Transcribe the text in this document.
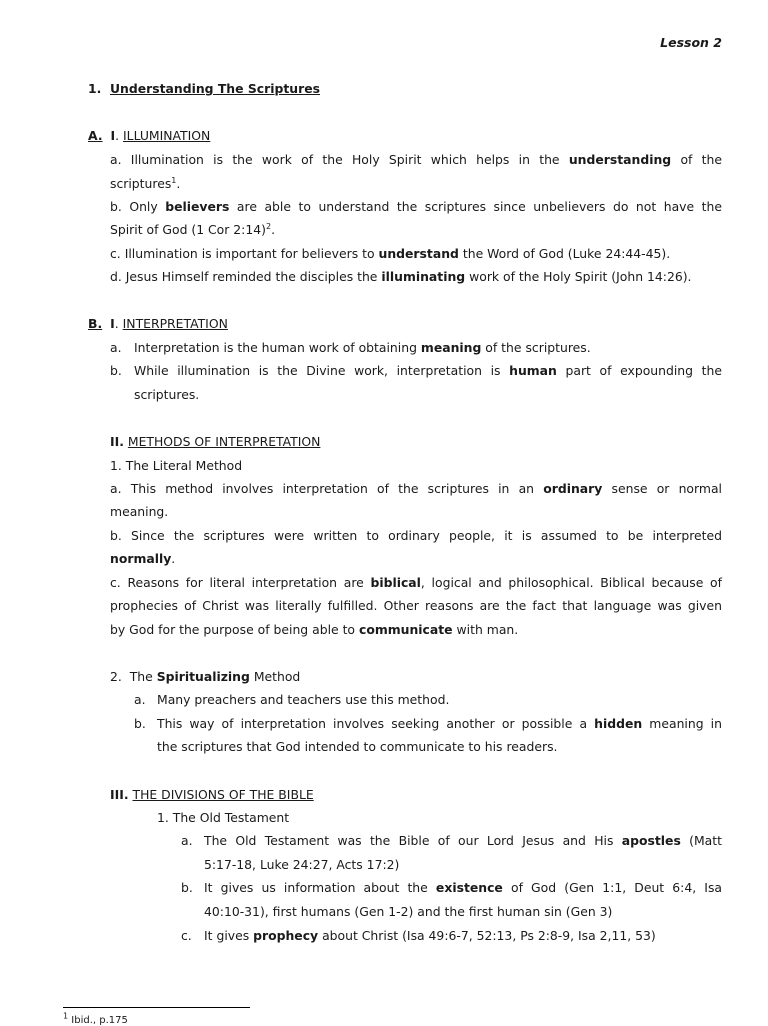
Lesson 2
1. Understanding The Scriptures
A. I. ILLUMINATION
a. Illumination is the work of the Holy Spirit which helps in the understanding of the
scriptures$^1$.
b. Only believers are able to understand the scriptures since unbelievers do not have the
Spirit of God (1 Cor 2:14)$^2$.
c. Illumination is important for believers to understand the Word of God (Luke 24:44-45).
d. Jesus Himself reminded the disciples the illuminating work of the Holy Spirit (John 14:26).
B. I. INTERPRETATION
a. Interpretation is the human work of obtaining meaning of the scriptures.
b. While illumination is the Divine work, interpretation is human part of expounding the
scriptures.
II. METHODS OF INTERPRETATION
1. The Literal Method
a. This method involves interpretation of the scriptures in an ordinary sense or normal
meaning.
b. Since the scriptures were written to ordinary people, it is assumed to be interpreted
normally.
c. Reasons for literal interpretation are biblical, logical and philosophical. Biblical because of
prophecies of Christ was literally fulfilled. Other reasons are the fact that language was given
by God for the purpose of being able to communicate with man.
2. The Spiritualizing Method
a. Many preachers and teachers use this method.
b. This way of interpretation involves seeking another or possible a hidden meaning in
the scriptures that God intended to communicate to his readers.
III. THE DIVISIONS OF THE BIBLE
1. The Old Testament
a. The Old Testament was the Bible of our Lord Jesus and His apostles (Matt
5:17-18, Luke 24:27, Acts 17:2)
b. It gives us information about the existence of God (Gen 1:1, Deut 6:4, Isa
40:10-31), first humans (Gen 1-2) and the first human sin (Gen 3)
c. It gives prophecy about Christ (Isa 49:6-7, 52:13, Ps 2:8-9, Isa 2,11, 53)
$^1$ Ibid., p.175
